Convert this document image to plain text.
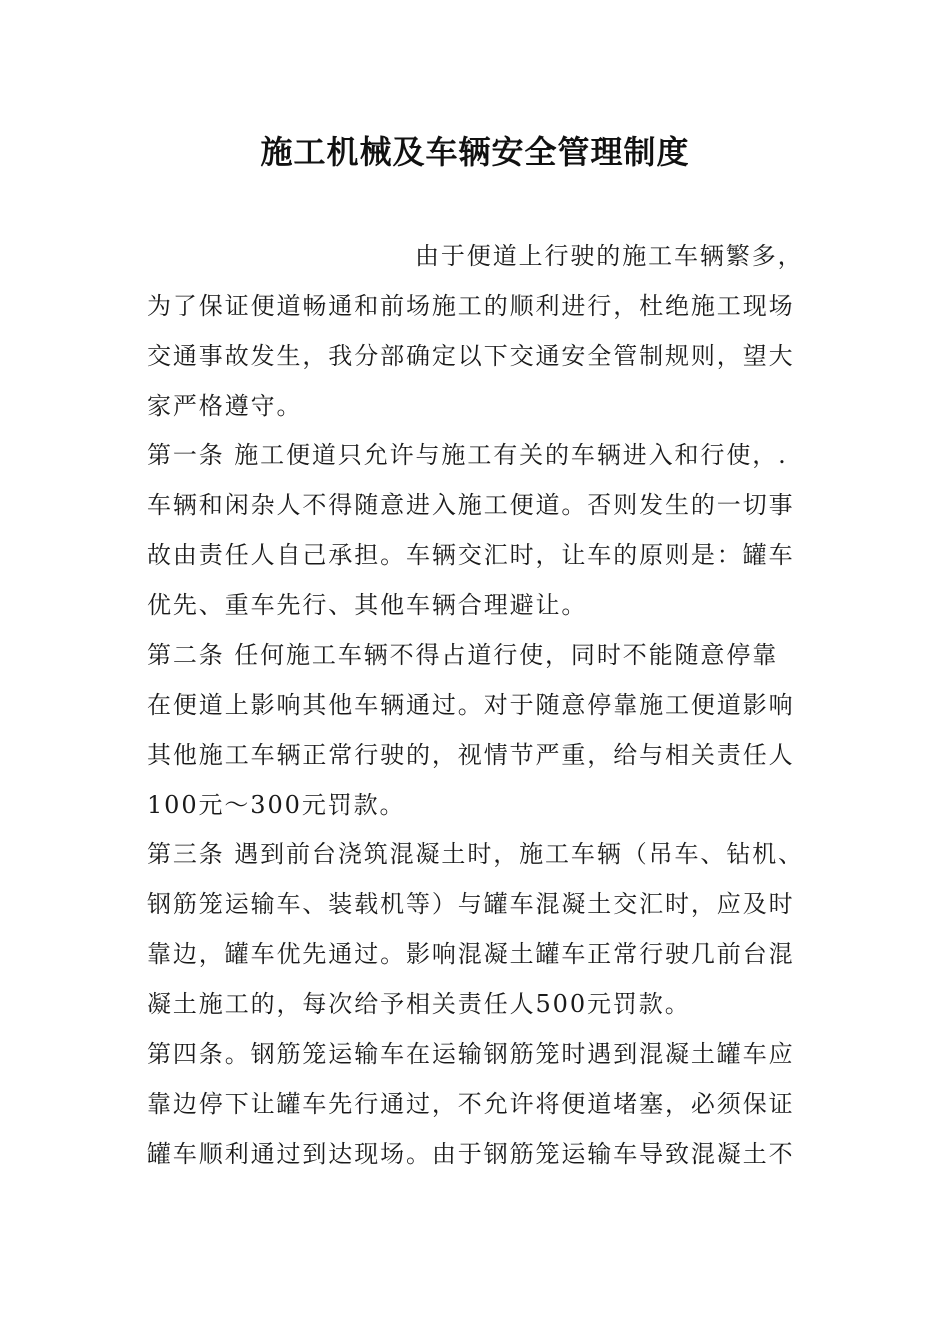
施工机械及车辆安全管理制度
由于便道上行驶的施工车辆繁多，
为了保证便道畅通和前场施工的顺利进行，杜绝施工现场
交通事故发生，我分部确定以下交通安全管制规则，望大
家严格遵守。
第一条 施工便道只允许与施工有关的车辆进入和行使，.
车辆和闲杂人不得随意进入施工便道。否则发生的一切事
故由责任人自己承担。车辆交汇时，让车的原则是：罐车
优先、重车先行、其他车辆合理避让。
第二条 任何施工车辆不得占道行使，同时不能随意停靠
在便道上影响其他车辆通过。对于随意停靠施工便道影响
其他施工车辆正常行驶的，视情节严重，给与相关责任人
100元～300元罚款。
第三条 遇到前台浇筑混凝土时，施工车辆（吊车、钻机、
钢筋笼运输车、装载机等）与罐车混凝土交汇时，应及时
靠边，罐车优先通过。影响混凝土罐车正常行驶几前台混
凝土施工的，每次给予相关责任人500元罚款。
第四条。钢筋笼运输车在运输钢筋笼时遇到混凝土罐车应
靠边停下让罐车先行通过，不允许将便道堵塞，必须保证
罐车顺利通过到达现场。由于钢筋笼运输车导致混凝土不
